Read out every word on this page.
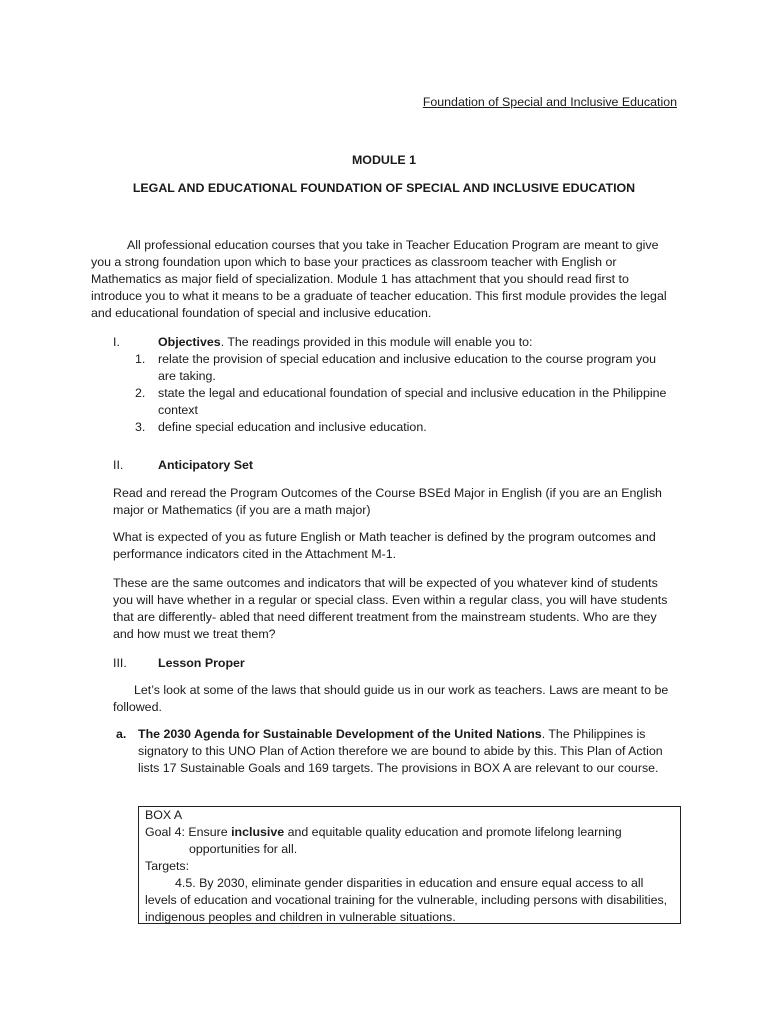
Foundation of Special and Inclusive Education
MODULE 1
LEGAL AND EDUCATIONAL FOUNDATION OF SPECIAL AND INCLUSIVE EDUCATION
All professional education courses that you take in Teacher Education Program are meant to give you a strong foundation upon which to base your practices as classroom teacher with English or Mathematics as major field of specialization. Module 1 has attachment that you should read first to introduce you to what it means to be a graduate of teacher education. This first module provides the legal and educational foundation of special and inclusive education.
I.	Objectives. The readings provided in this module will enable you to:
1. relate the provision of special education and inclusive education to the course program you are taking.
2. state the legal and educational foundation of special and inclusive education in the Philippine context
3. define special education and inclusive education.
II.	Anticipatory Set
Read and reread the Program Outcomes of the Course BSEd Major in English (if you are an English major or Mathematics (if you are a math major)
What is expected of you as future English or Math teacher is defined by the program outcomes and performance indicators cited in the Attachment M-1.
These are the same outcomes and indicators that will be expected of you whatever kind of students you will have whether in a regular or special class. Even within a regular class, you will have students that are differently- abled that need different treatment from the mainstream students. Who are they and how must we treat them?
III.	Lesson Proper
Let’s look at some of the laws that should guide us in our work as teachers. Laws are meant to be followed.
a. The 2030 Agenda for Sustainable Development of the United Nations. The Philippines is signatory to this UNO Plan of Action therefore we are bound to abide by this. This Plan of Action lists 17 Sustainable Goals and 169 targets. The provisions in BOX A are relevant to our course.
BOX A
Goal 4: Ensure inclusive and equitable quality education and promote lifelong learning
opportunities for all.
Targets:
4.5. By 2030, eliminate gender disparities in education and ensure equal access to all levels of education and vocational training for the vulnerable, including persons with disabilities, indigenous peoples and children in vulnerable situations.
